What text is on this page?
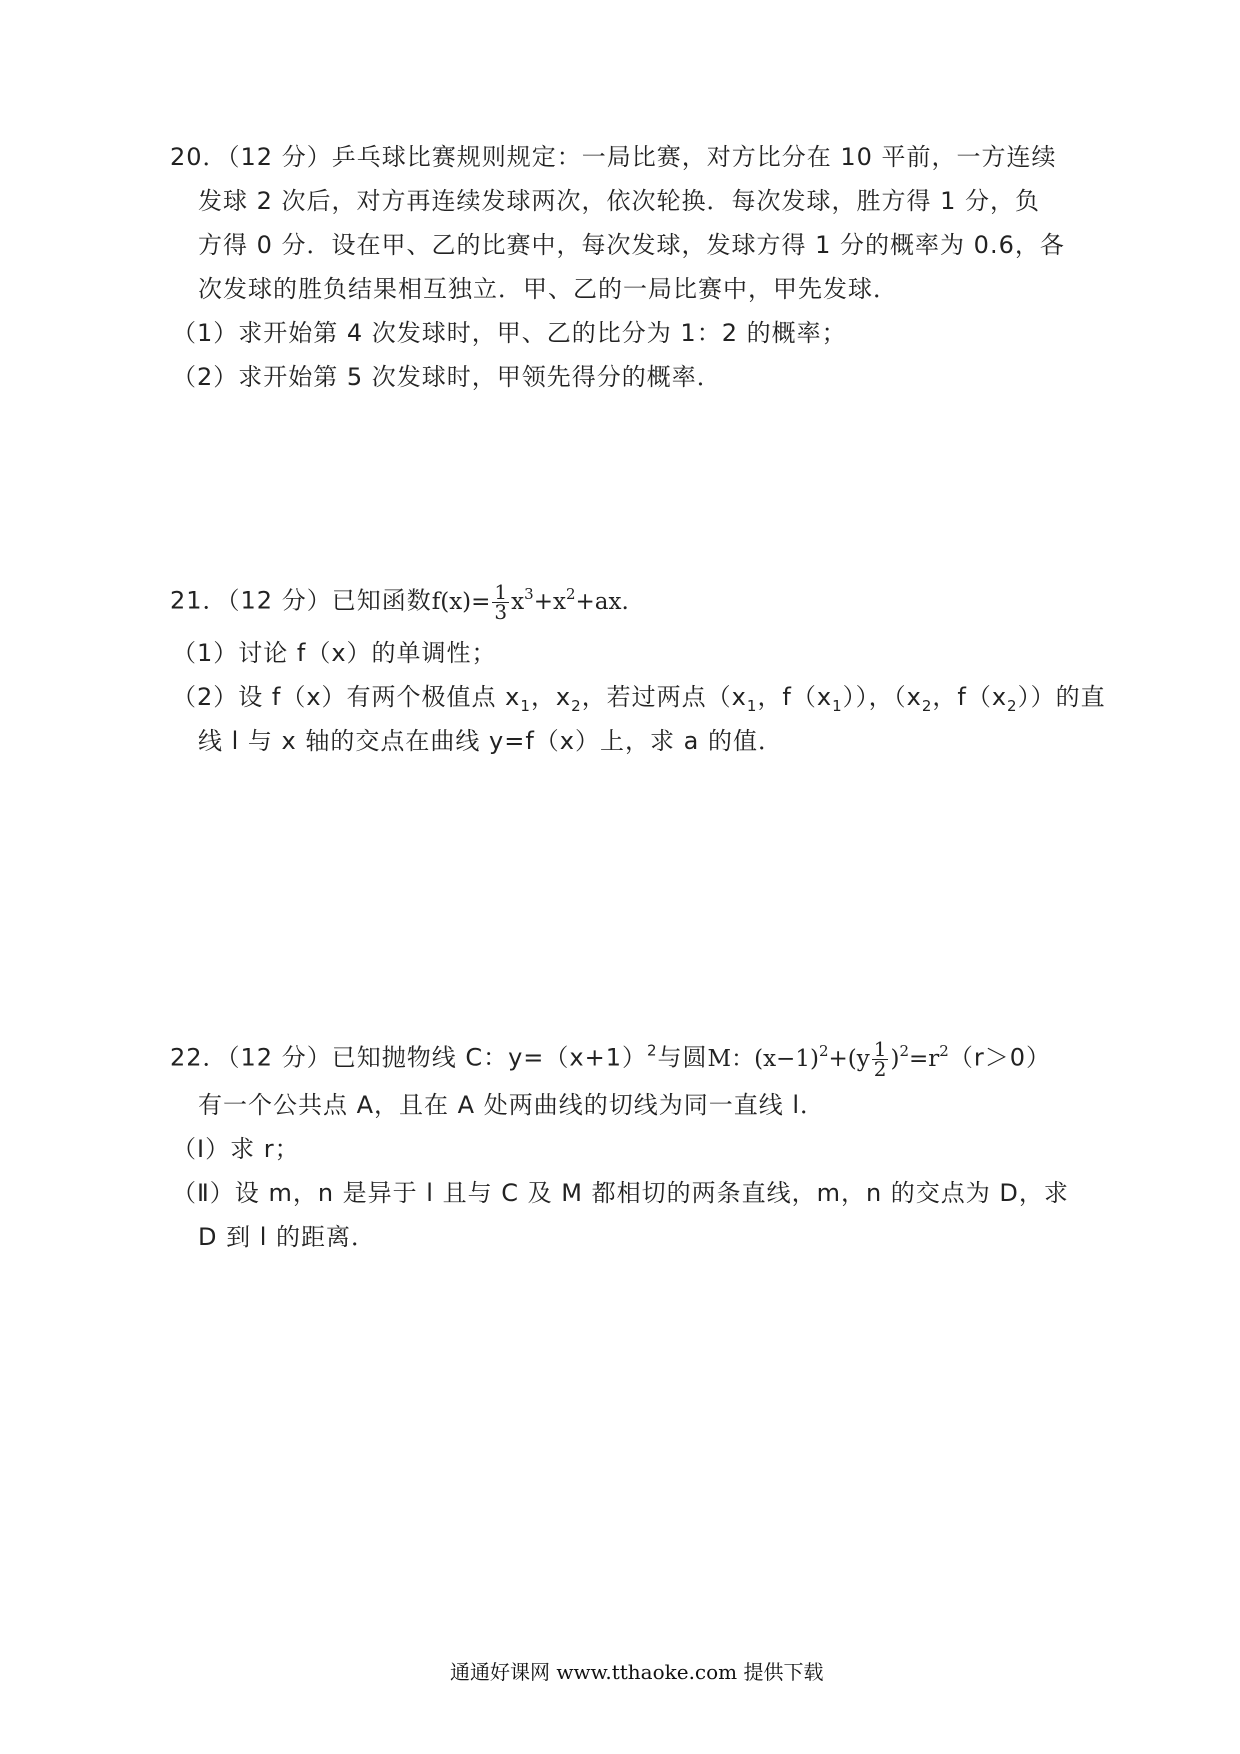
20．（12 分）乒乓球比赛规则规定：一局比赛，对方比分在 10 平前，一方连续
发球 2 次后，对方再连续发球两次，依次轮换．每次发球，胜方得 1 分，负
方得 0 分．设在甲、乙的比赛中，每次发球，发球方得 1 分的概率为 0.6，各
次发球的胜负结果相互独立．甲、乙的一局比赛中，甲先发球．
（1）求开始第 4 次发球时，甲、乙的比分为 1：2 的概率；
（2）求开始第 5 次发球时，甲领先得分的概率．
21．（12 分）已知函数$f(x)= \frac{1}{3} x^3+x^2+ax$.
（1）讨论 f（x）的单调性；
（2）设 f（x）有两个极值点 $x_1$，$x_2$，若过两点（$x_1$，$f(x_1)$），（$x_2$，$f(x_2)$）的直
线 l 与 x 轴的交点在曲线 y=f（x）上，求 a 的值．
22．（12 分）已知抛物线 C：$y=(x+1)^2$与圆M：$(x-1)^2+(y \frac{1}{2} )^2=r^2(r>0)$
有一个公共点 A，且在 A 处两曲线的切线为同一直线 l．
（Ⅰ）求 r；
（Ⅱ）设 m，n 是异于 l 且与 C 及 M 都相切的两条直线，m，n 的交点为 D，求
D 到 l 的距离．
通通好课网 www.tthaoke.com 提供下载
